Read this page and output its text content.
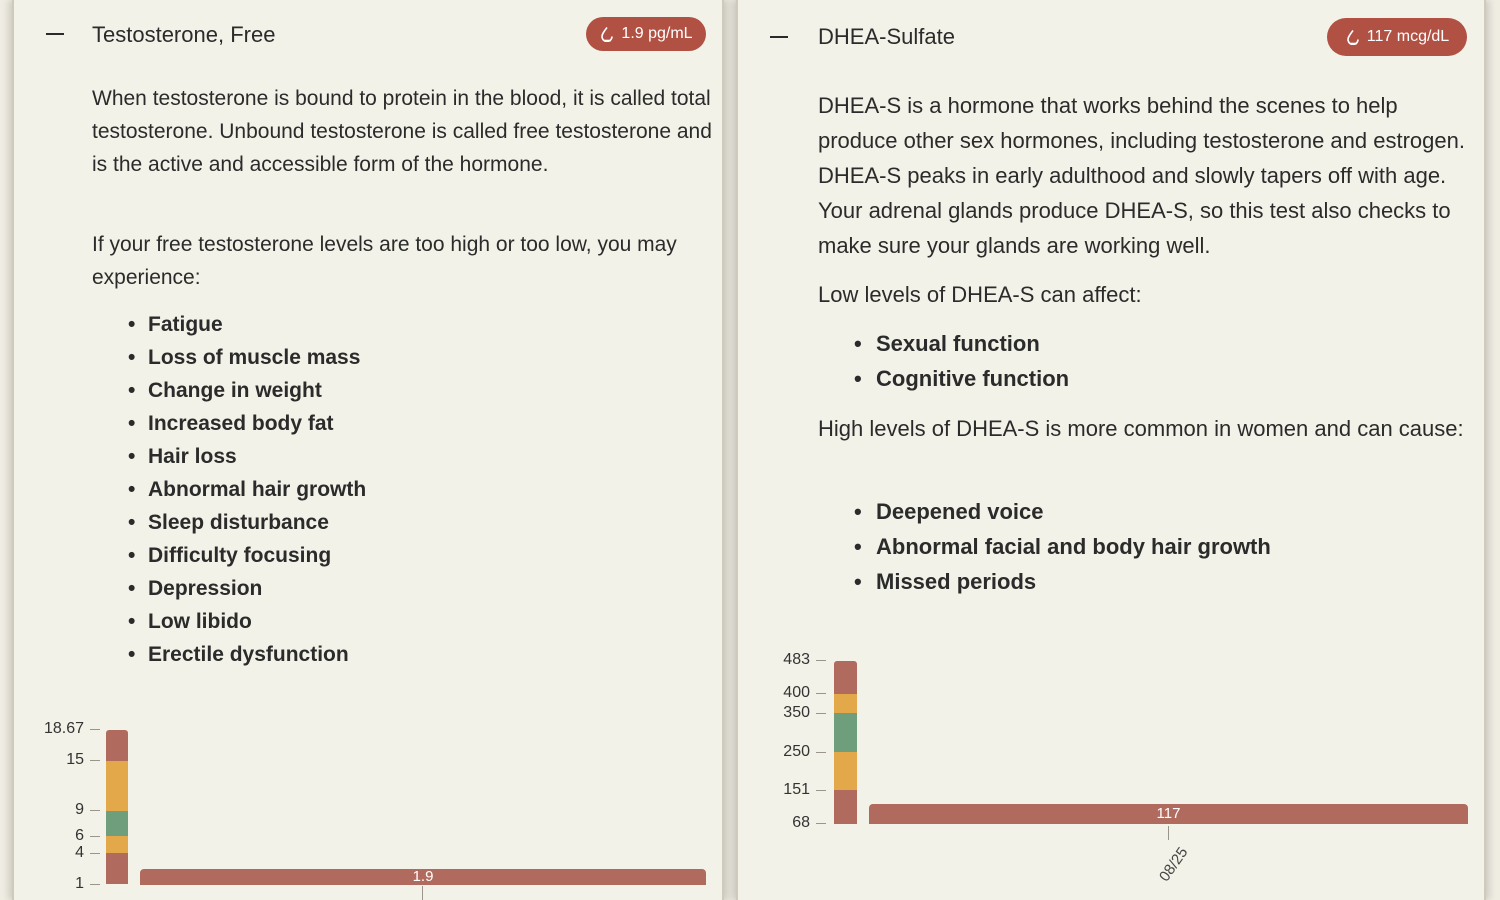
Testosterone, Free	1.9 pg/mL

When testosterone is bound to protein in the blood, it is called total testosterone. Unbound testosterone is called free testosterone and is the active and accessible form of the hormone.

If your free testosterone levels are too high or too low, you may experience:

• Fatigue
• Loss of muscle mass
• Change in weight
• Increased body fat
• Hair loss
• Abnormal hair growth
• Sleep disturbance
• Difficulty focusing
• Depression
• Low libido
• Erectile dysfunction
18.67
15
9
6
4
1	1.9
DHEA-Sulfate	117 mcg/dL

DHEA-S is a hormone that works behind the scenes to help produce other sex hormones, including testosterone and estrogen. DHEA-S peaks in early adulthood and slowly tapers off with age. Your adrenal glands produce DHEA-S, so this test also checks to make sure your glands are working well.

Low levels of DHEA-S can affect:

• Sexual function
• Cognitive function

High levels of DHEA-S is more common in women and can cause:

• Deepened voice
• Abnormal facial and body hair growth
• Missed periods
483
400
350
250
151
68
117
08/25
